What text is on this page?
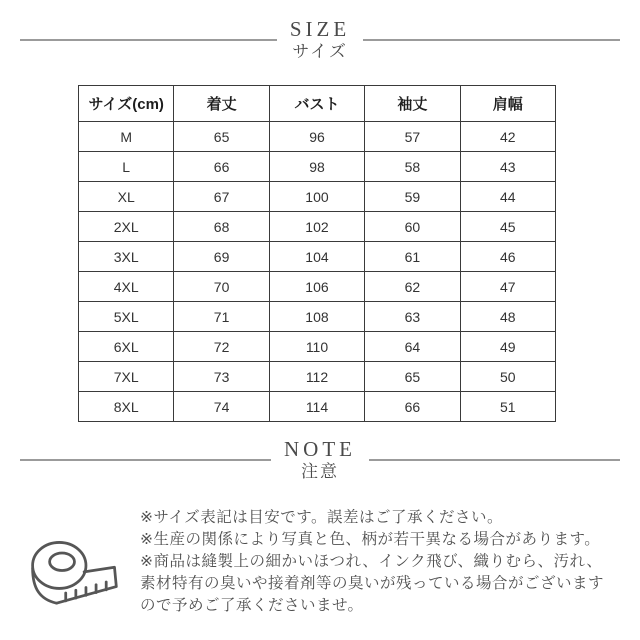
SIZE
サイズ
サイズ(cm)	着丈	バスト	袖丈	肩幅
M	65	96	57	42
L	66	98	58	43
XL	67	100	59	44
2XL	68	102	60	45
3XL	69	104	61	46
4XL	70	106	62	47
5XL	71	108	63	48
6XL	72	110	64	49
7XL	73	112	65	50
8XL	74	114	66	51
NOTE
注意
※サイズ表記は目安です。誤差はご了承ください。
※生産の関係により写真と色、柄が若干異なる場合があります。
※商品は縫製上の細かいほつれ、インク飛び、織りむら、汚れ、
素材特有の臭いや接着剤等の臭いが残っている場合がございます
ので予めご了承くださいませ。
